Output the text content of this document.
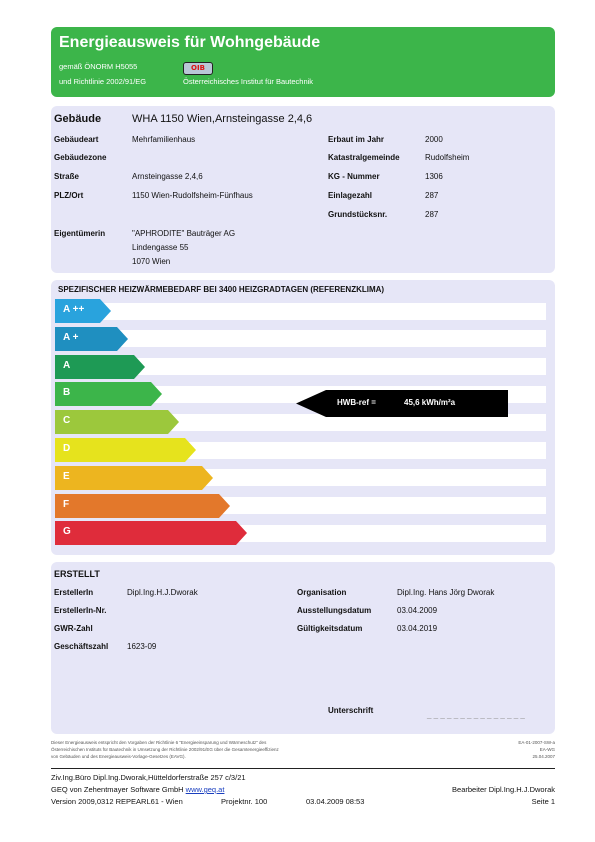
Energieausweis für Wohngebäude
gemäß ÖNORM H5055
und Richtlinie 2002/91/EG
OIB
Österreichisches Institut für Bautechnik
Gebäude	WHA 1150 Wien,Arnsteingasse 2,4,6
Gebäudeart	Mehrfamilienhaus
Gebäudezone
Straße	Arnsteingasse 2,4,6
PLZ/Ort	1150 Wien-Rudolfsheim-Fünfhaus
Erbaut im Jahr	2000
Katastralgemeinde	Rudolfsheim
KG - Nummer	1306
Einlagezahl	287
Grundstücksnr.	287
Eigentümerin	"APHRODITE" Bauträger AG
Lindengasse 55
1070 Wien
SPEZIFISCHER HEIZWÄRMEBEDARF BEI 3400 HEIZGRADTAGEN (REFERENZKLIMA)
A ++
A +
A
B
C
D
E
F
G
HWB-ref =	45,6 kWh/m²a
ERSTELLT
ErstellerIn	Dipl.Ing.H.J.Dworak
ErstellerIn-Nr.
GWR-Zahl
Geschäftszahl 1623-09
Organisation	Dipl.Ing. Hans Jörg Dworak
Ausstellungsdatum	03.04.2009
Gültigkeitsdatum	03.04.2019
Unterschrift	_ _ _ _ _ _ _ _ _ _ _ _ _ _ _
Dieser Energieausweis entspricht den Vorgaben der Richtlinie 6 "Energieeinsparung und Wärmeschutz" des
Österreichischen Instituts für Bautechnik in Umsetzung der Richtlinie 2002/91/EG über die Gesamtenergieeffizienz
von Gebäuden und des Energieausweis-Vorlage-Gesetzes (EAVG).
EA-01-2007-SW-a
EA-WG
25.04.2007
Ziv.Ing.Büro Dipl.Ing.Dworak,Hütteldorferstraße 257 c/3/21
GEQ von Zehentmayer Software GmbH www.geq.at	Bearbeiter Dipl.Ing.H.J.Dworak
Version 2009,0312 REPEARL61 - Wien	Projektnr. 100	03.04.2009 08:53	Seite 1
